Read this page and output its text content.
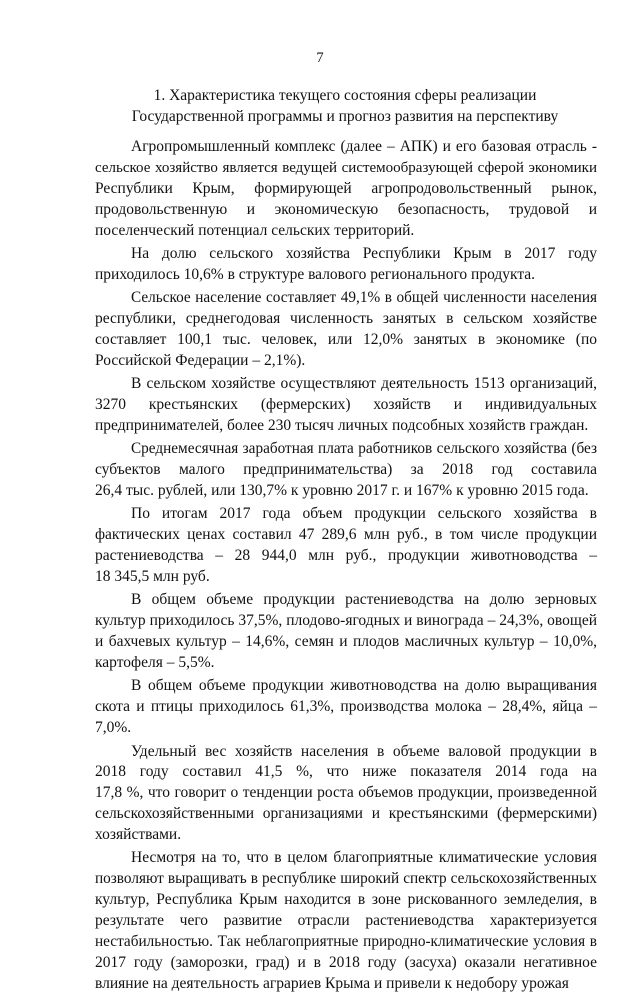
7
1. Характеристика текущего состояния сферы реализации
Государственной программы и прогноз развития на перспективу

Агропромышленный комплекс (далее – АПК) и его базовая отрасль -
сельское хозяйство является ведущей системообразующей сферой экономики
Республики Крым, формирующей агропродовольственный рынок,
продовольственную и экономическую безопасность, трудовой и
поселенческий потенциал сельских территорий.

На долю сельского хозяйства Республики Крым в 2017 году
приходилось 10,6% в структуре валового регионального продукта.

Сельское население составляет 49,1% в общей численности населения
республики, среднегодовая численность занятых в сельском хозяйстве
составляет 100,1 тыс. человек, или 12,0% занятых в экономике (по
Российской Федерации – 2,1%).

В сельском хозяйстве осуществляют деятельность 1513 организаций,
3270 крестьянских (фермерских) хозяйств и индивидуальных
предпринимателей, более 230 тысяч личных подсобных хозяйств граждан.

Среднемесячная заработная плата работников сельского хозяйства (без
субъектов малого предпринимательства) за 2018 год составила
26,4 тыс. рублей, или 130,7% к уровню 2017 г. и 167% к уровню 2015 года.

По итогам 2017 года объем продукции сельского хозяйства в
фактических ценах составил 47 289,6 млн руб., в том числе продукции
растениеводства – 28 944,0 млн руб., продукции животноводства –
18 345,5 млн руб.

В общем объеме продукции растениеводства на долю зерновых
культур приходилось 37,5%, плодово-ягодных и винограда – 24,3%, овощей
и бахчевых культур – 14,6%, семян и плодов масличных культур – 10,0%,
картофеля – 5,5%.

В общем объеме продукции животноводства на долю выращивания
скота и птицы приходилось 61,3%, производства молока – 28,4%, яйца –
7,0%.

Удельный вес хозяйств населения в объеме валовой продукции в
2018 году составил 41,5 %, что ниже показателя 2014 года на
17,8 %, что говорит о тенденции роста объемов продукции, произведенной
сельскохозяйственными организациями и крестьянскими (фермерскими)
хозяйствами.

Несмотря на то, что в целом благоприятные климатические условия
позволяют выращивать в республике широкий спектр сельскохозяйственных
культур, Республика Крым находится в зоне рискованного земледелия, в
результате чего развитие отрасли растениеводства характеризуется
нестабильностью. Так неблагоприятные природно-климатические условия в
2017 году (заморозки, град) и в 2018 году (засуха) оказали негативное
влияние на деятельность аграриев Крыма и привели к недобору урожая
